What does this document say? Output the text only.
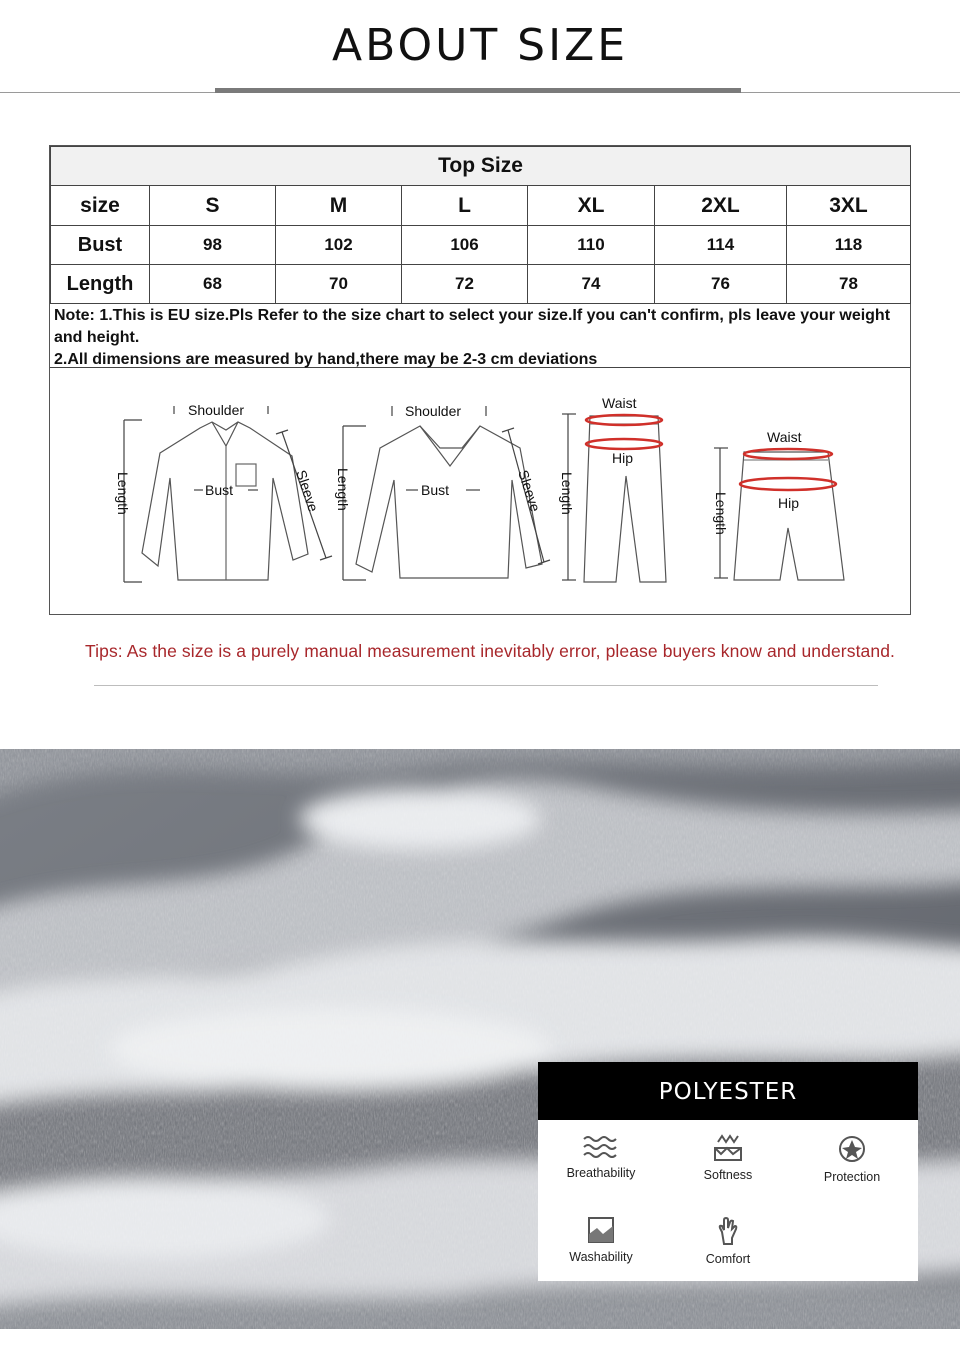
ABOUT SIZE
Top Size						
size	S	M	L	XL	2XL	3XL
Bust	98	102	106	110	114	118
Length	68	70	72	74	76	78
Note: 1.This is EU size.Pls Refer to the size chart to select your size.If you can't confirm, pls leave your weight and height.
2.All dimensions are measured by hand,there may be 2-3 cm deviations
Shoulder
Bust
Length	Sleeve
Shoulder
Bust
Length	Sleeve
Waist
Hip
Length
Waist
Hip
Length
Tips: As the size is a purely manual measurement inevitably error, please buyers know and understand.
POLYESTER
Breathability	Softness	Protection
Washability	Comfort
